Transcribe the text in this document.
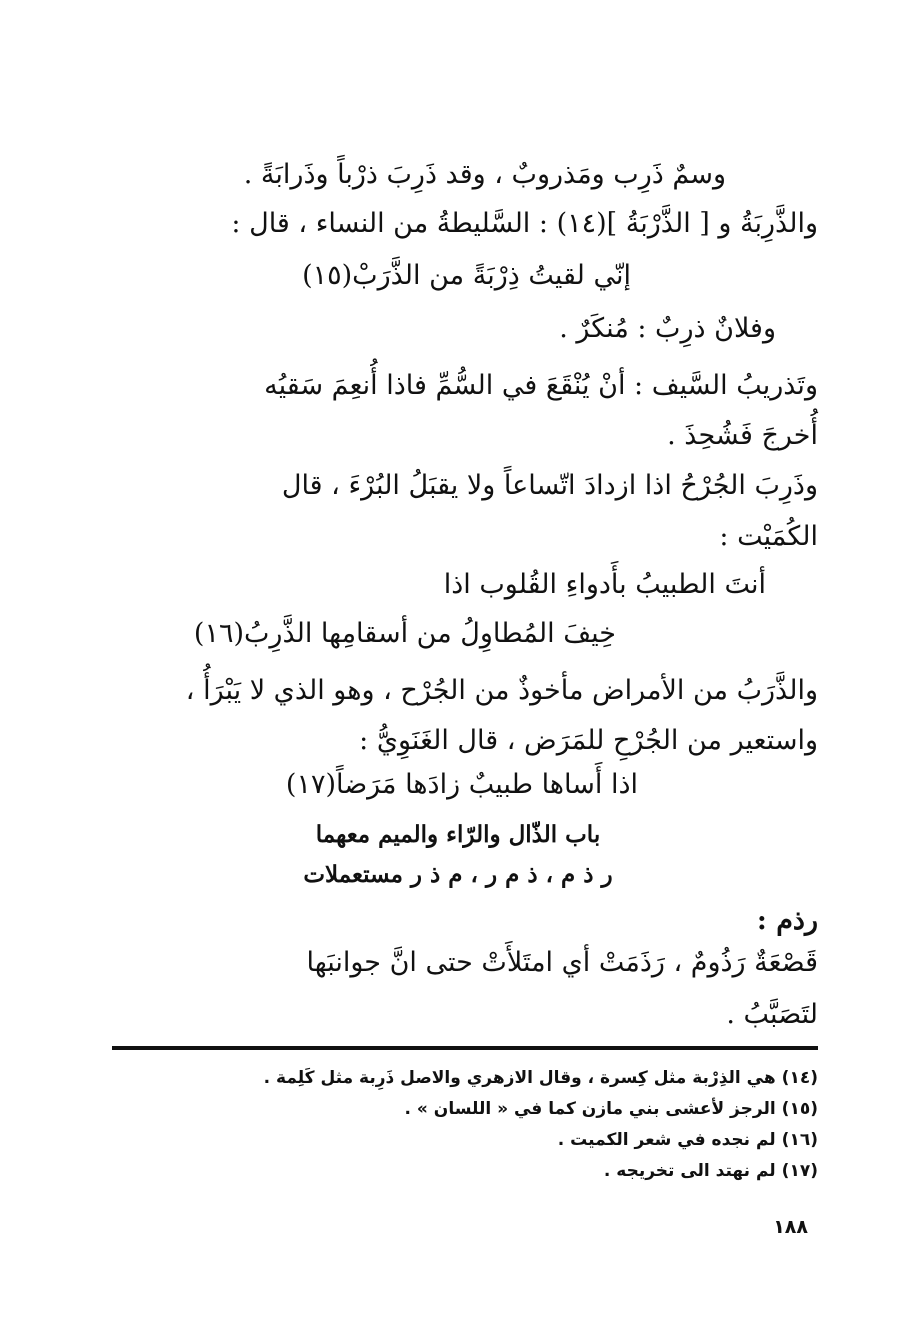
وسمٌ ذَرِب ومَذروبٌ ، وقد ذَرِبَ ذرْباً وذَرابَةً .
والذَّرِبَةُ و [ الذَّرْبَةُ ](١٤) : السَّليطةُ من النساء ، قال :
إنّي لقيتُ ذِرْبَةً من الذَّرَبْ(١٥)
وفلانٌ ذرِبٌ : مُنكَرٌ .
وتَذريبُ السَّيف : أنْ يُنْقَعَ في السُّمِّ فاذا أُنعِمَ سَقيُه
أُخرجَ فَشُحِذَ .
وذَرِبَ الجُرْحُ اذا ازدادَ اتّساعاً ولا يقبَلُ البُرْءَ ، قال
الكُمَيْت :
أنتَ الطبيبُ بأَدواءِ القُلوب اذا
خِيفَ المُطاوِلُ من أسقامِها الذَّرِبُ(١٦)
والذَّرَبُ من الأمراض مأخوذٌ من الجُرْح ، وهو الذي لا يَبْرَأُ ،
واستعير من الجُرْحِ للمَرَض ، قال الغَنَوِيُّ :
اذا أَساها طبيبٌ زادَها مَرَضاً(١٧)
باب الذّال والرّاء والميم معهما
ر ذ م ، ذ م ر ، م ذ ر مستعملات
رذم :
قَصْعَةٌ رَذُومٌ ، رَذَمَتْ أي امتَلأَتْ حتى انَّ جوانبَها
لتَصَبَّبُ .
(١٤)هي الذِرْبة مثل كِسرة ، وقال الازهري والاصل ذَرِبة مثل كَلِمة .
(١٥)الرجز لأعشى بني مازن كما في « اللسان » .
(١٦)لم نجده في شعر الكميت .
(١٧)لم نهتد الى تخريجه .
١٨٨
